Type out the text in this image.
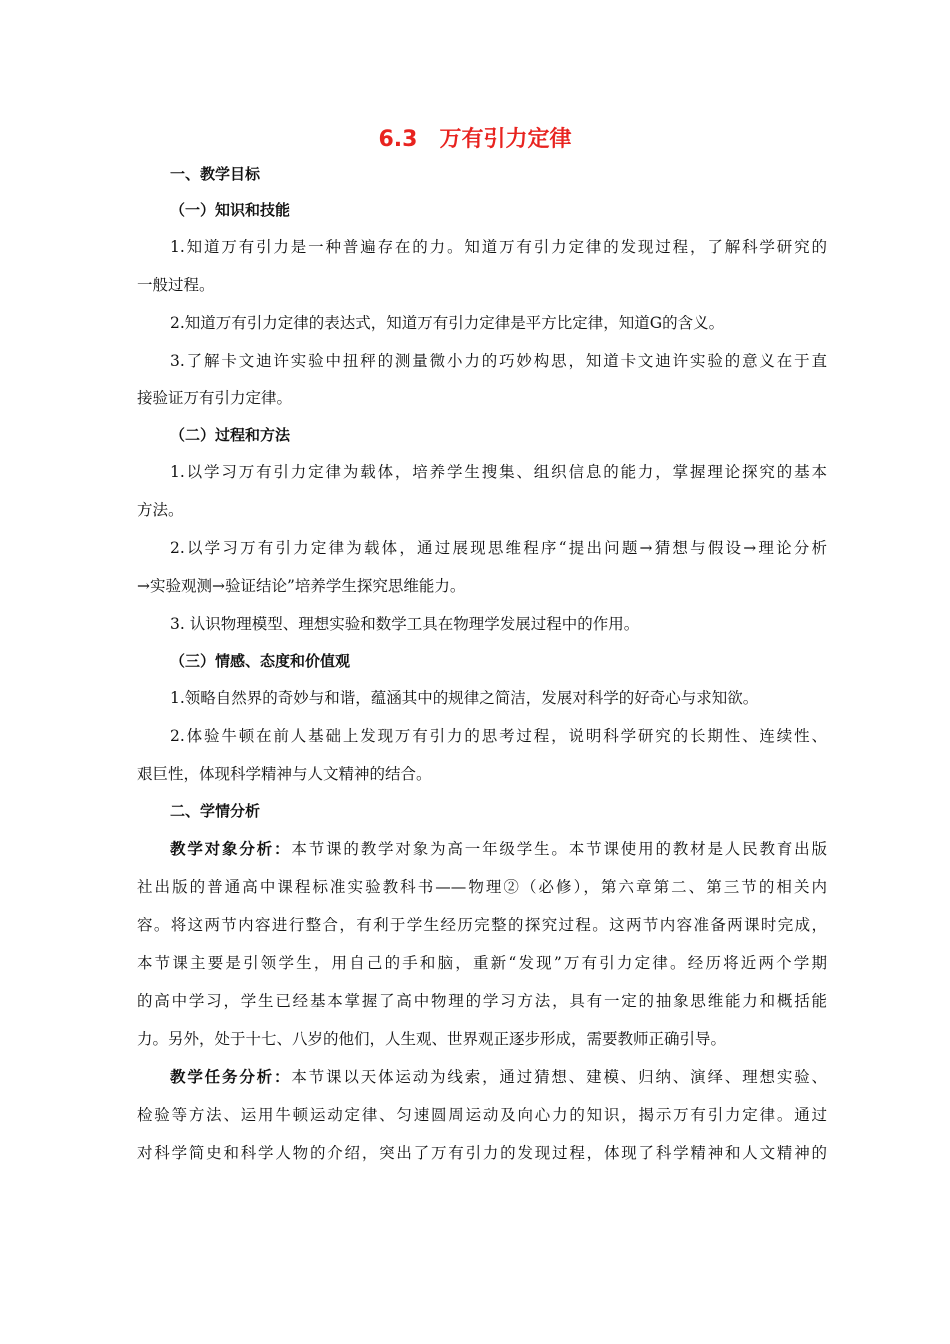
6.3　万有引力定律
一、教学目标
（一）知识和技能
1.知道万有引力是一种普遍存在的力。知道万有引力定律的发现过程，了解科学研究的
一般过程。
2.知道万有引力定律的表达式，知道万有引力定律是平方比定律，知道G的含义。
3.了解卡文迪许实验中扭秤的测量微小力的巧妙构思，知道卡文迪许实验的意义在于直
接验证万有引力定律。
（二）过程和方法
1.以学习万有引力定律为载体，培养学生搜集、组织信息的能力，掌握理论探究的基本
方法。
2.以学习万有引力定律为载体，通过展现思维程序“提出问题→猜想与假设→理论分析
→实验观测→验证结论”培养学生探究思维能力。
3. 认识物理模型、理想实验和数学工具在物理学发展过程中的作用。
（三）情感、态度和价值观
1.领略自然界的奇妙与和谐，蕴涵其中的规律之简洁，发展对科学的好奇心与求知欲。
2.体验牛顿在前人基础上发现万有引力的思考过程，说明科学研究的长期性、连续性、
艰巨性，体现科学精神与人文精神的结合。
二、学情分析
教学对象分析：本节课的教学对象为高一年级学生。本节课使用的教材是人民教育出版
社出版的普通高中课程标准实验教科书——物理②（必修），第六章第二、第三节的相关内
容。将这两节内容进行整合，有利于学生经历完整的探究过程。这两节内容准备两课时完成，
本节课主要是引领学生，用自己的手和脑，重新“发现”万有引力定律。经历将近两个学期
的高中学习，学生已经基本掌握了高中物理的学习方法，具有一定的抽象思维能力和概括能
力。另外，处于十七、八岁的他们，人生观、世界观正逐步形成，需要教师正确引导。
教学任务分析：本节课以天体运动为线索，通过猜想、建模、归纳、演绎、理想实验、
检验等方法、运用牛顿运动定律、匀速圆周运动及向心力的知识，揭示万有引力定律。通过
对科学简史和科学人物的介绍，突出了万有引力的发现过程，体现了科学精神和人文精神的
